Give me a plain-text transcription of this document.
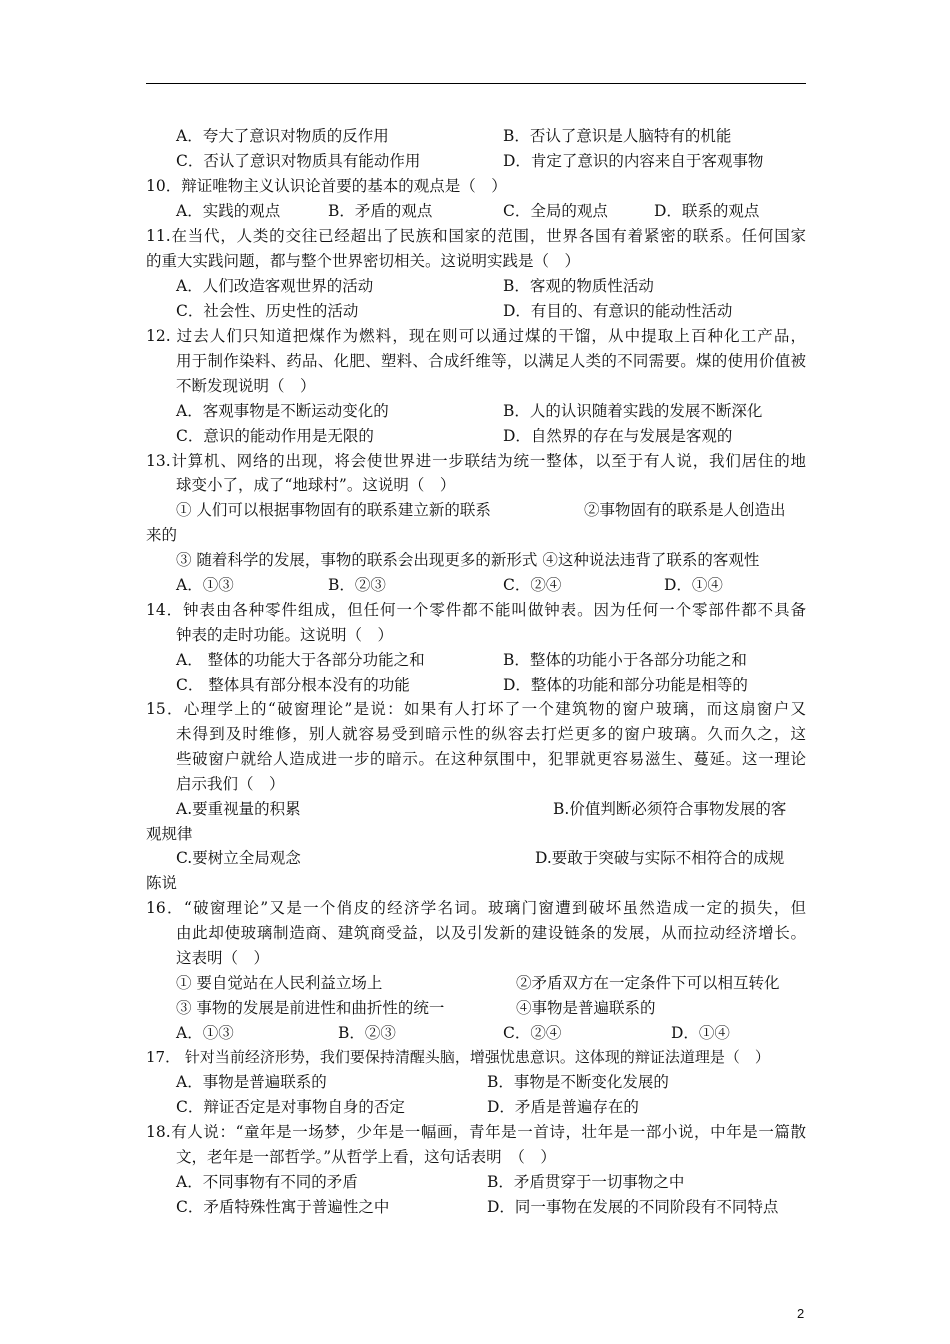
A．夸大了意识对物质的反作用	B．否认了意识是人脑特有的机能
C．否认了意识对物质具有能动作用	D．肯定了意识的内容来自于客观事物
10．辩证唯物主义认识论首要的基本的观点是（　）
A．实践的观点	B．矛盾的观点	C．全局的观点	D．联系的观点
11.在当代，人类的交往已经超出了民族和国家的范围，世界各国有着紧密的联系。任何国家
的重大实践问题，都与整个世界密切相关。这说明实践是（　）
A．人们改造客观世界的活动	B．客观的物质性活动
C．社会性、历史性的活动	D．有目的、有意识的能动性活动
12. 过去人们只知道把煤作为燃料，现在则可以通过煤的干馏，从中提取上百种化工产品，
用于制作染料、药品、化肥、塑料、合成纤维等，以满足人类的不同需要。煤的使用价值被
不断发现说明（　）
A．客观事物是不断运动变化的	B．人的认识随着实践的发展不断深化
C．意识的能动作用是无限的	D．自然界的存在与发展是客观的
13.计算机、网络的出现，将会使世界进一步联结为统一整体，以至于有人说，我们居住的地
球变小了，成了“地球村”。这说明（　）
① 人们可以根据事物固有的联系建立新的联系	②事物固有的联系是人创造出
来的
③ 随着科学的发展，事物的联系会出现更多的新形式 ④这种说法违背了联系的客观性
A．①③	B．②③	C．②④	D．①④
14．钟表由各种零件组成，但任何一个零件都不能叫做钟表。因为任何一个零部件都不具备
钟表的走时功能。这说明（　）
A． 整体的功能大于各部分功能之和	B．整体的功能小于各部分功能之和
C． 整体具有部分根本没有的功能	D．整体的功能和部分功能是相等的
15．心理学上的“破窗理论”是说：如果有人打坏了一个建筑物的窗户玻璃，而这扇窗户又
未得到及时维修，别人就容易受到暗示性的纵容去打烂更多的窗户玻璃。久而久之，这
些破窗户就给人造成进一步的暗示。在这种氛围中，犯罪就更容易滋生、蔓延。这一理论
启示我们（　）
A.要重视量的积累	B.价值判断必须符合事物发展的客
观规律
C.要树立全局观念	D.要敢于突破与实际不相符合的成规
陈说
16．“破窗理论”又是一个俏皮的经济学名词。玻璃门窗遭到破坏虽然造成一定的损失，但
由此却使玻璃制造商、建筑商受益，以及引发新的建设链条的发展，从而拉动经济增长。
这表明（　）
① 要自觉站在人民利益立场上	②矛盾双方在一定条件下可以相互转化
③ 事物的发展是前进性和曲折性的统一	④事物是普遍联系的
A．①③	B．②③	C．②④	D．①④
17． 针对当前经济形势，我们要保持清醒头脑，增强忧患意识。这体现的辩证法道理是（　）
A．事物是普遍联系的	B．事物是不断变化发展的
C．辩证否定是对事物自身的否定	D．矛盾是普遍存在的
18.有人说：“童年是一场梦，少年是一幅画，青年是一首诗，壮年是一部小说，中年是一篇散
文，老年是一部哲学。”从哲学上看，这句话表明　（　）
A．不同事物有不同的矛盾	B．矛盾贯穿于一切事物之中
C．矛盾特殊性寓于普遍性之中	D．同一事物在发展的不同阶段有不同特点
2
